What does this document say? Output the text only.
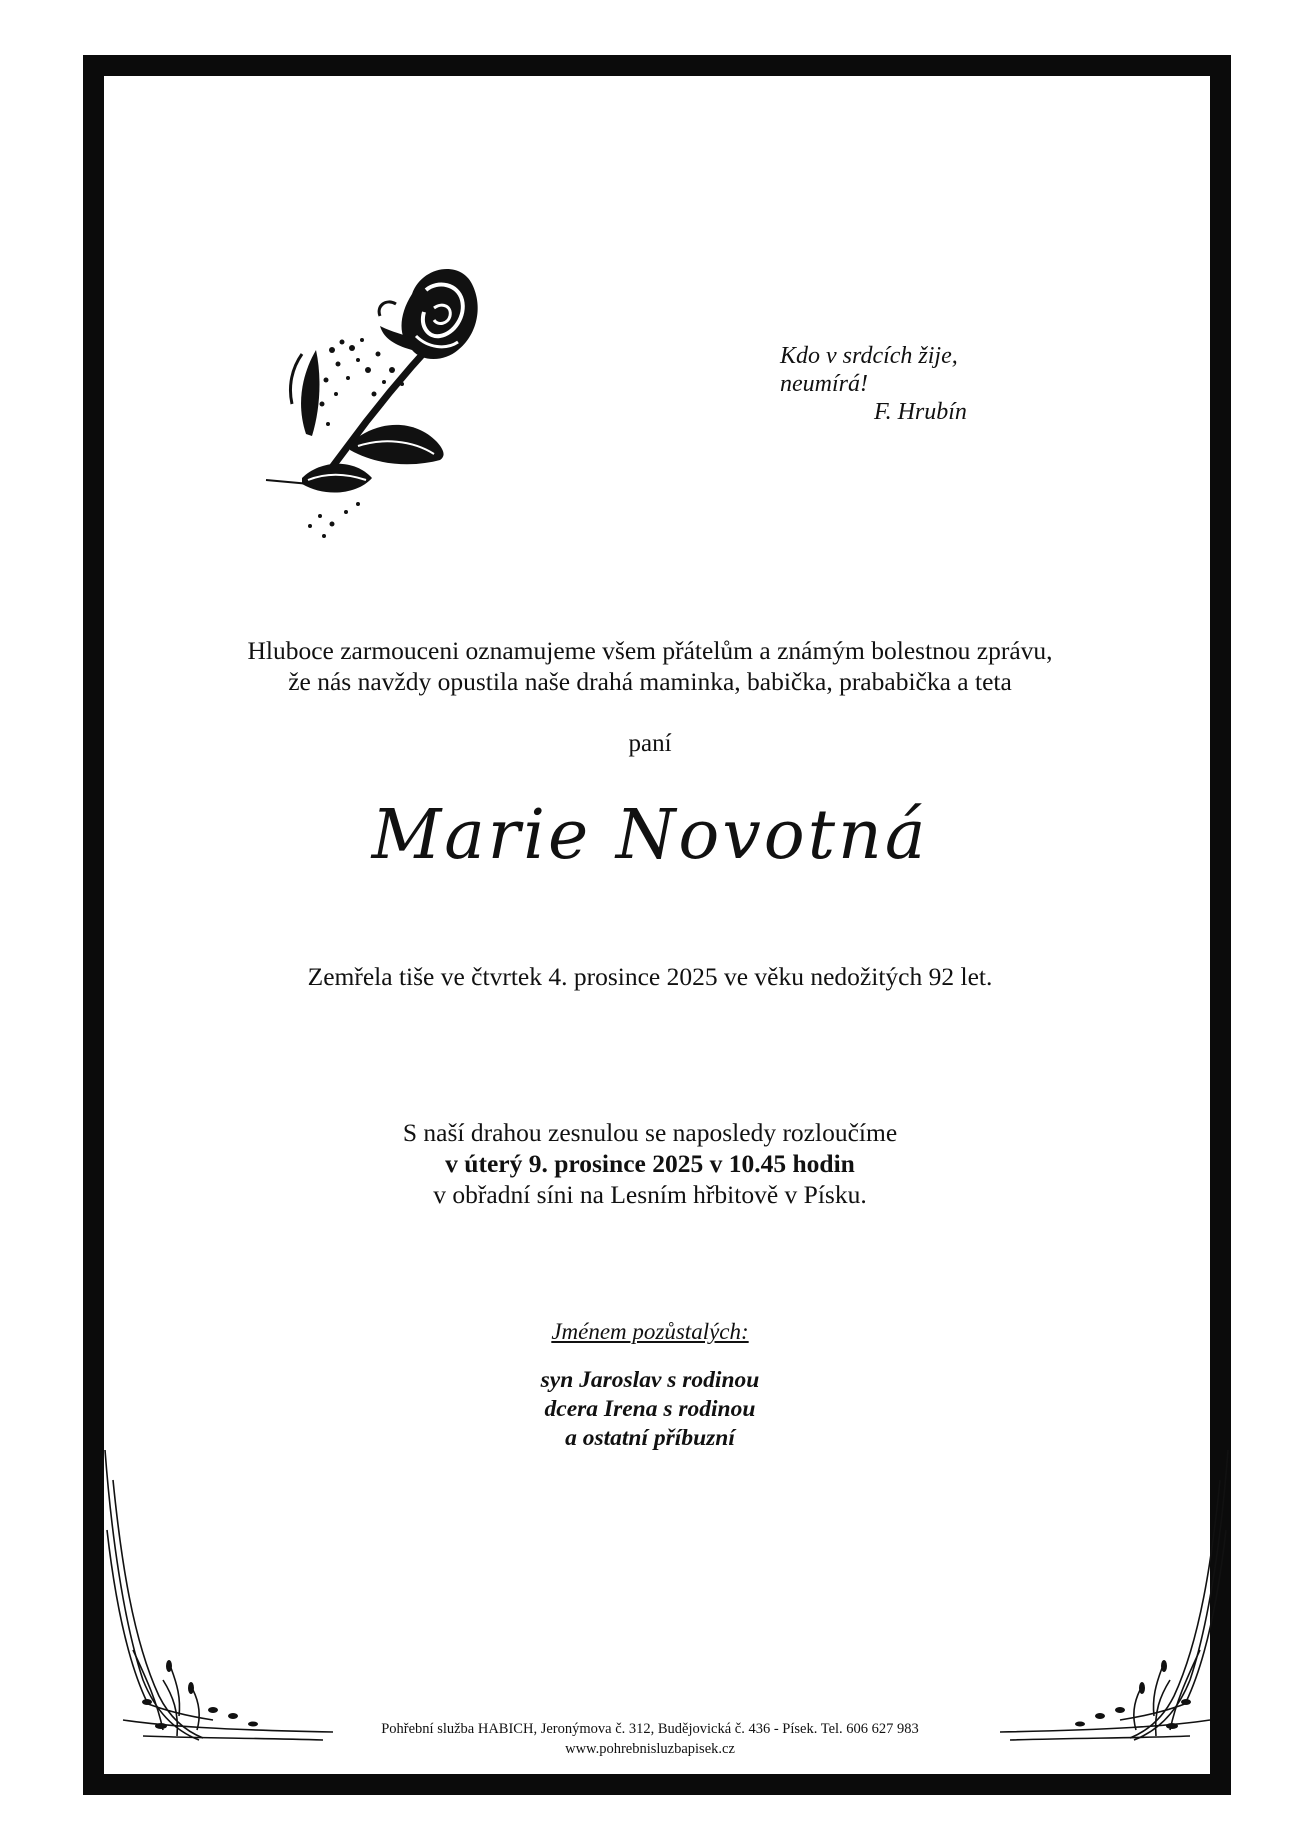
Kdo v srdcích žije,
neumírá!
F. Hrubín
Hluboce zarmouceni oznamujeme všem přátelům a známým bolestnou zprávu,
že nás navždy opustila naše drahá maminka, babička, prababička a teta
paní
Marie Novotná
Zemřela tiše ve čtvrtek 4. prosince 2025 ve věku nedožitých 92 let.
S naší drahou zesnulou se naposledy rozloučíme
v úterý 9. prosince 2025 v 10.45 hodin
v obřadní síni na Lesním hřbitově v Písku.
Jménem pozůstalých:
syn Jaroslav s rodinou
dcera Irena s rodinou
a ostatní příbuzní
Pohřební služba HABICH, Jeronýmova č. 312, Budějovická č. 436 - Písek. Tel. 606 627 983
www.pohrebnisluzbapisek.cz
